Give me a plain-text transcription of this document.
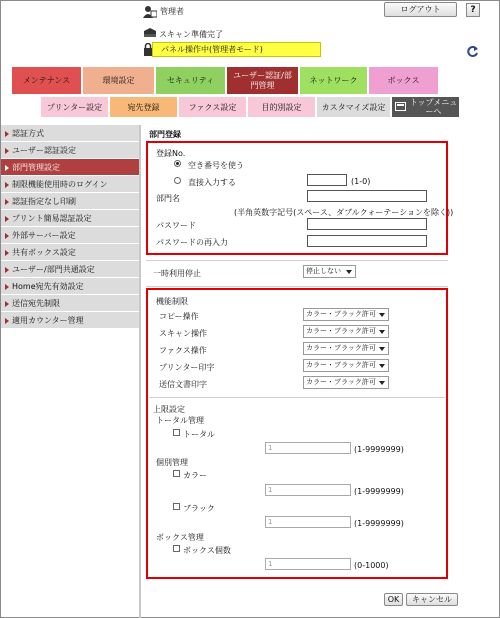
管理者	ログアウト	?
スキャン準備完了
パネル操作中(管理者モード)
メンテナンス	環境設定	セキュリティ
ユーザー認証/部門管理	ネットワーク	ボックス
プリンター設定	宛先登録	ファクス設定	目的別設定	カスタマイズ設定	トップメニューへ
認証方式
ユーザー認証設定
部門管理設定
制限機能使用時のログイン
認証指定なし印刷
プリント簡易認証設定
外部サーバー設定
共有ボックス設定
ユーザー/部門共通設定
Home宛先有効設定
送信宛先制限
適用カウンター管理
部門登録
登録No.
空き番号を使う
直接入力する	(1-0)
部門名
(半角英数字記号(スペース、ダブルクォーテーションを除く))
パスワード
パスワードの再入力
一時利用停止	停止しない
機能制限
コピー操作	カラー・ブラック許可
スキャン操作	カラー・ブラック許可
ファクス操作	カラー・ブラック許可
プリンター印字	カラー・ブラック許可
送信文書印字	カラー・ブラック許可
上限設定
トータル管理
トータル
1	(1-9999999)
個別管理
カラー
1	(1-9999999)
ブラック
1	(1-9999999)
ボックス管理
ボックス個数
1	(0-1000)
OK	キャンセル
